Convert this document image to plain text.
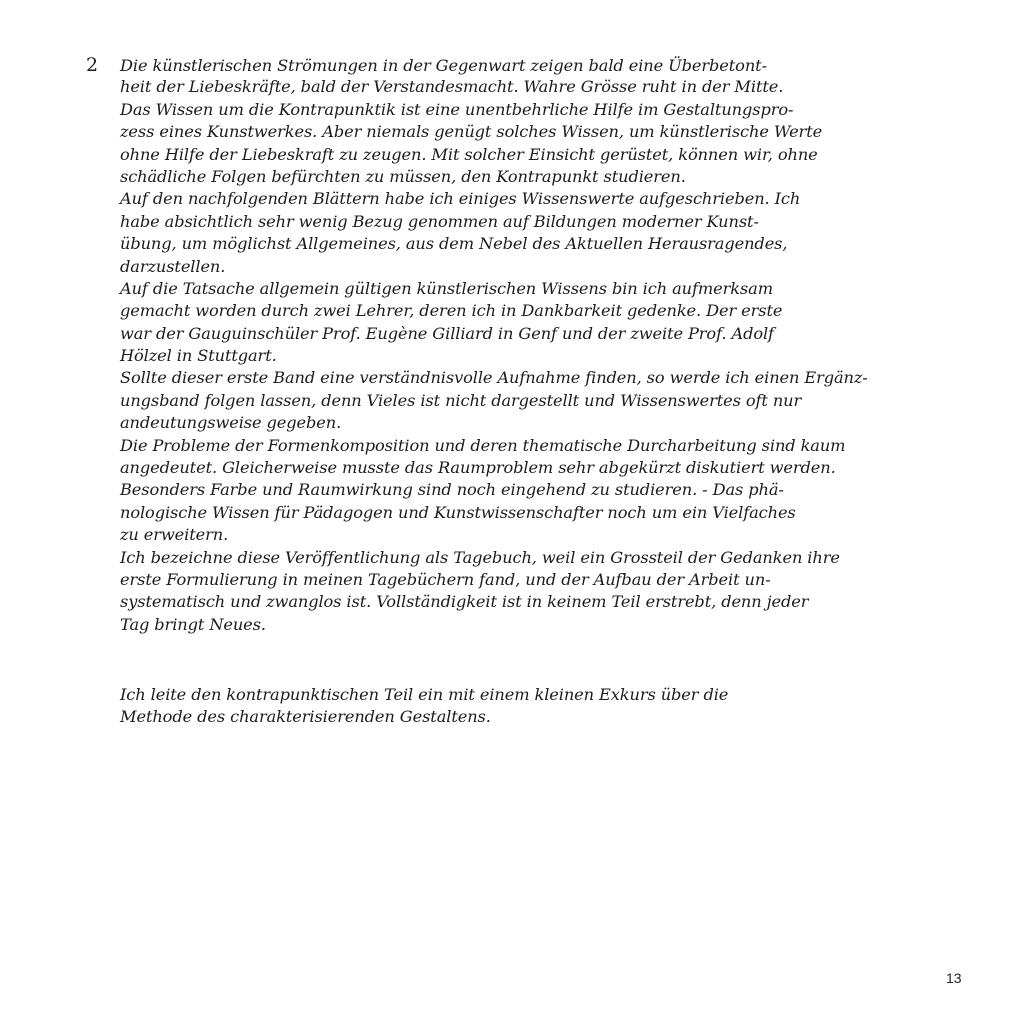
2 Die künstlerischen Strömungen in der Gegenwart zeigen bald eine Überbetont-
heit der Liebeskräfte, bald der Verstandesmacht. Wahre Grösse ruht in der Mitte.
Das Wissen um die Kontrapunktik ist eine unentbehrliche Hilfe im Gestaltungspro-
zess eines Kunstwerkes. Aber niemals genügt solches Wissen, um künstlerische Werte
ohne Hilfe der Liebeskraft zu zeugen. Mit solcher Einsicht gerüstet, können wir, ohne
schädliche Folgen befürchten zu müssen, den Kontrapunkt studieren.
Auf den nachfolgenden Blättern habe ich einiges Wissenswerte aufgeschrieben. Ich
habe absichtlich sehr wenig Bezug genommen auf Bildungen moderner Kunst-
übung, um möglichst Allgemeines, aus dem Nebel des Aktuellen Herausragendes,
darzustellen.
Auf die Tatsache allgemein gültigen künstlerischen Wissens bin ich aufmerksam
gemacht worden durch zwei Lehrer, deren ich in Dankbarkeit gedenke. Der erste
war der Gauguinschüler Prof. Eugène Gilliard in Genf und der zweite Prof. Adolf
Hölzel in Stuttgart.
Sollte dieser erste Band eine verständnisvolle Aufnahme finden, so werde ich einen Ergänz-
ungsband folgen lassen, denn Vieles ist nicht dargestellt und Wissenswertes oft nur
andeutungsweise gegeben.
Die Probleme der Formenkomposition und deren thematische Durcharbeitung sind kaum
angedeutet. Gleicherweise musste das Raumproblem sehr abgekürzt diskutiert werden.
Besonders Farbe und Raumwirkung sind noch eingehend zu studieren. - Das phä-
nologische Wissen für Pädagogen und Kunstwissenschafter noch um ein Vielfaches
zu erweitern.
Ich bezeichne diese Veröffentlichung als Tagebuch, weil ein Grossteil der Gedanken ihre
erste Formulierung in meinen Tagebüchern fand, und der Aufbau der Arbeit un-
systematisch und zwanglos ist. Vollständigkeit ist in keinem Teil erstrebt, denn jeder
Tag bringt Neues.
Ich leite den kontrapunktischen Teil ein mit einem kleinen Exkurs über die
Methode des charakterisierenden Gestaltens.
13
